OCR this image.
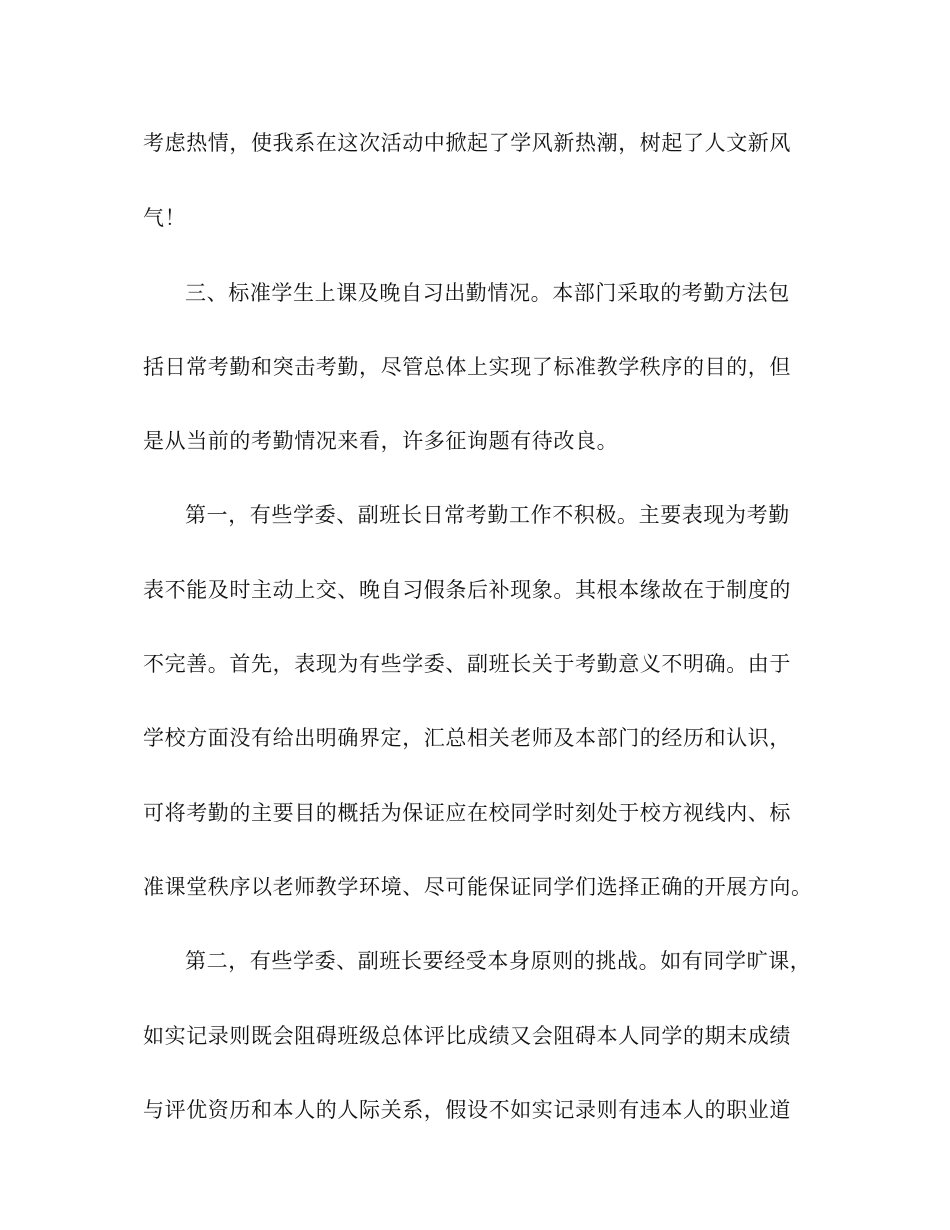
考虑热情，使我系在这次活动中掀起了学风新热潮，树起了人文新风
气！
三、标准学生上课及晚自习出勤情况。本部门采取的考勤方法包
括日常考勤和突击考勤，尽管总体上实现了标准教学秩序的目的，但
是从当前的考勤情况来看，许多征询题有待改良。
第一，有些学委、副班长日常考勤工作不积极。主要表现为考勤
表不能及时主动上交、晚自习假条后补现象。其根本缘故在于制度的
不完善。首先，表现为有些学委、副班长关于考勤意义不明确。由于
学校方面没有给出明确界定，汇总相关老师及本部门的经历和认识，
可将考勤的主要目的概括为保证应在校同学时刻处于校方视线内、标
准课堂秩序以老师教学环境、尽可能保证同学们选择正确的开展方向。
第二，有些学委、副班长要经受本身原则的挑战。如有同学旷课，
如实记录则既会阻碍班级总体评比成绩又会阻碍本人同学的期末成绩
与评优资历和本人的人际关系，假设不如实记录则有违本人的职业道
